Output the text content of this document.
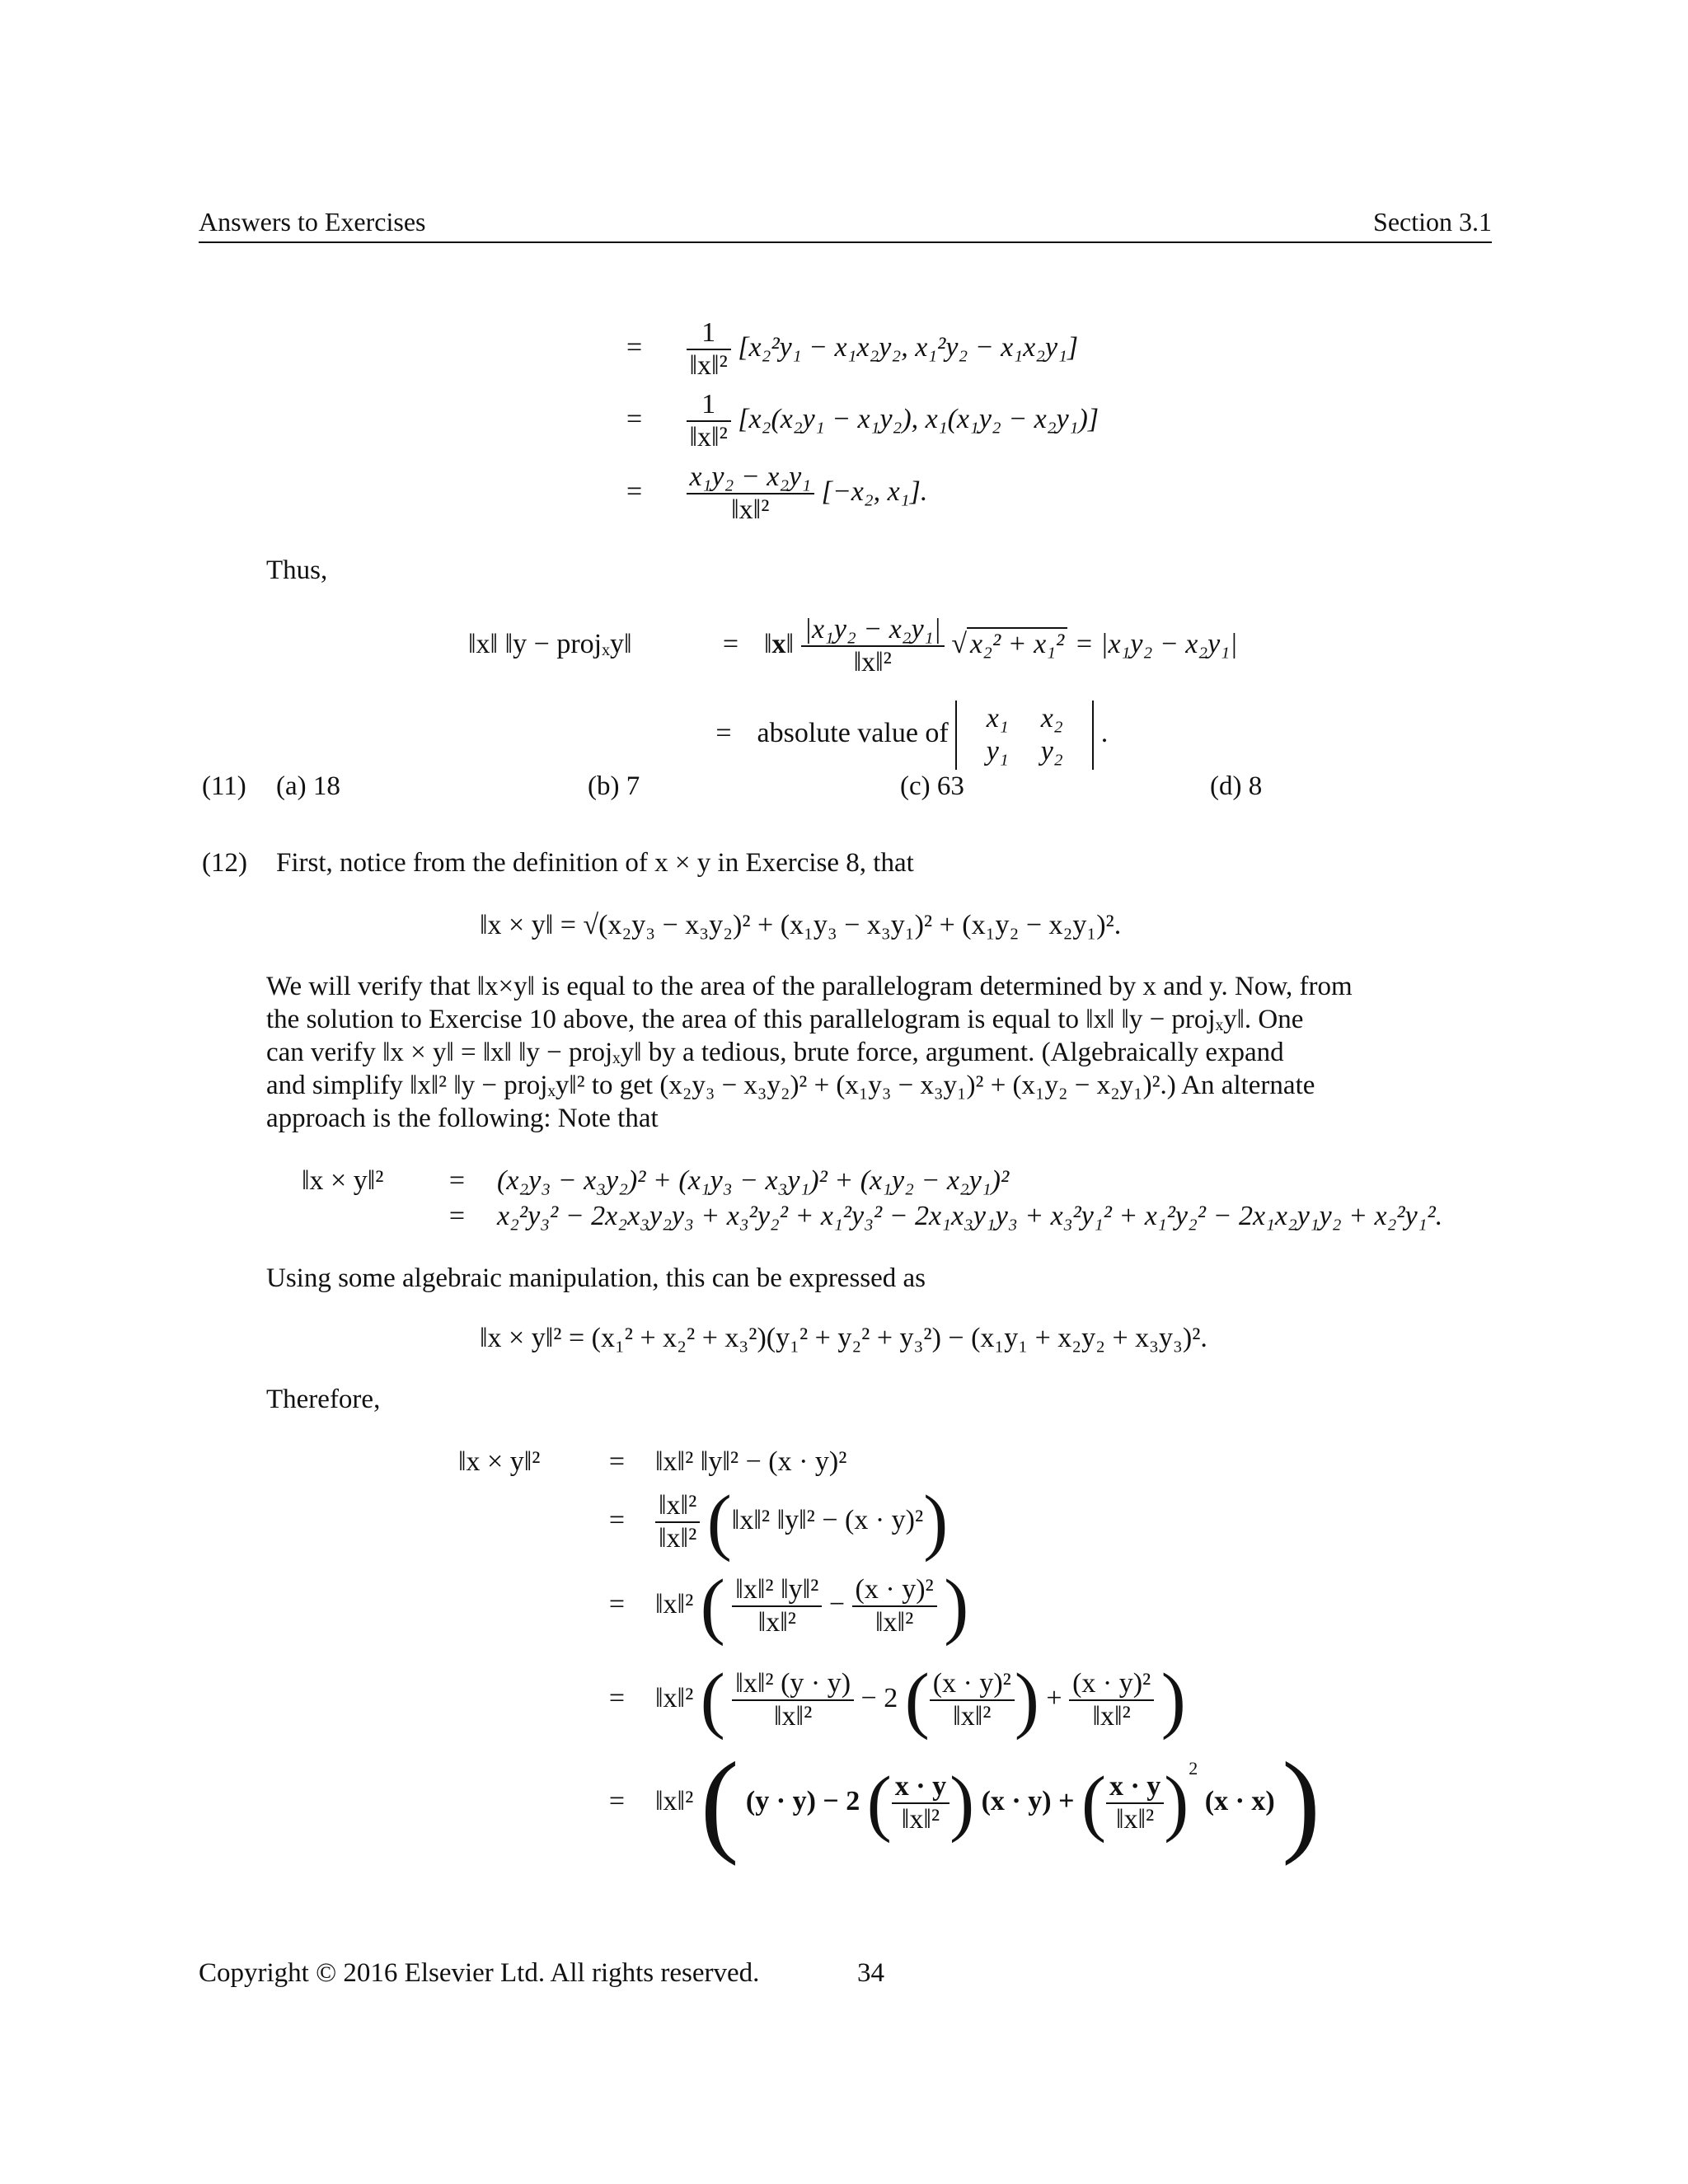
Answers to Exercises	Section 3.1
= $\frac{1}{\text{‖x‖²}} [x_2^2y_1 - x_1x_2y_2$, x₁²y₂ − x₁x₂y₁]
= $\frac{1}{\text{‖x‖²}} [x_2(x_2y_1 - x_1y_2)$, x₁(x₁y₂ − x₂y₁)]
= $\frac{\text{x₁y₂ − x₂y₁}}{\text{‖x‖²}} [-x_2$, x₁].
Thus,
‖x‖ ‖y − projₓy‖	= ‖x‖ $\frac{\text{|x₁y₂ − x₂y₁|}}{\text{‖x‖²}}$ √ x₂² + x₁² = |x₁y₂ − x₂y₁|
= absolute value of x₁ x₂
y₁ y₂ .
(11) (a) 18	(b) 7	(c) 63	(d) 8
(12) First, notice from the definition of x × y in Exercise 8, that
‖x × y‖ = √(x₂y₃ − x₃y₂)² + (x₁y₃ − x₃y₁)² + (x₁y₂ − x₂y₁)².
We will verify that ‖x×y‖ is equal to the area of the parallelogram determined by x and y. Now, from
the solution to Exercise 10 above, the area of this parallelogram is equal to ‖x‖ ‖y − projₓy‖. One
can verify ‖x × y‖ = ‖x‖ ‖y − projₓy‖ by a tedious, brute force, argument. (Algebraically expand
and simplify ‖x‖² ‖y − projₓy‖² to get (x₂y₃ − x₃y₂)² + (x₁y₃ − x₃y₁)² + (x₁y₂ − x₂y₁)².) An alternate
approach is the following: Note that
‖x × y‖² = (x₂y₃ − x₃y₂)² + (x₁y₃ − x₃y₁)² + (x₁y₂ − x₂y₁)²
= x₂²y₃² − 2x₂x₃y₂y₃ + x₃²y₂² + x₁²y₃² − 2x₁x₃y₁y₃ + x₃²y₁² + x₁²y₂² − 2x₁x₂y₁y₂ + x₂²y₁².
Using some algebraic manipulation, this can be expressed as
‖x × y‖² = (x₁² + x₂² + x₃²)(y₁² + y₂² + y₃²) − (x₁y₁ + x₂y₂ + x₃y₃)².
Therefore,
‖x × y‖² = ‖x‖² ‖y‖² − (x · y)²
= $\frac{\text{‖x‖²}}{\text{‖x‖²}}$ (‖x‖² ‖y‖² − (x · y)²)
= ‖x‖² ( $\frac{\text{‖x‖² ‖y‖²}}{\text{‖x‖²}} - \frac{\text{(x · y)²}}{\text{‖x‖²}}$ )
= ‖x‖² ( $\frac{\text{‖x‖² (y · y)}}{\text{‖x‖²}} - 2$ ( $\frac{\text{(x · y)²}}{\text{‖x‖²}}$ ) + $\frac{\text{(x · y)²}}{\text{‖x‖²}}$ )
= ‖x‖² ( (y · y) − 2 ( $\frac{x \cdot y}{\text{‖x‖²}}$ ) (x · y) + ( $\frac{x \cdot y}{\text{‖x‖²}} )^2$ (x · x) )
Copyright © 2016 Elsevier Ltd. All rights reserved.	34
